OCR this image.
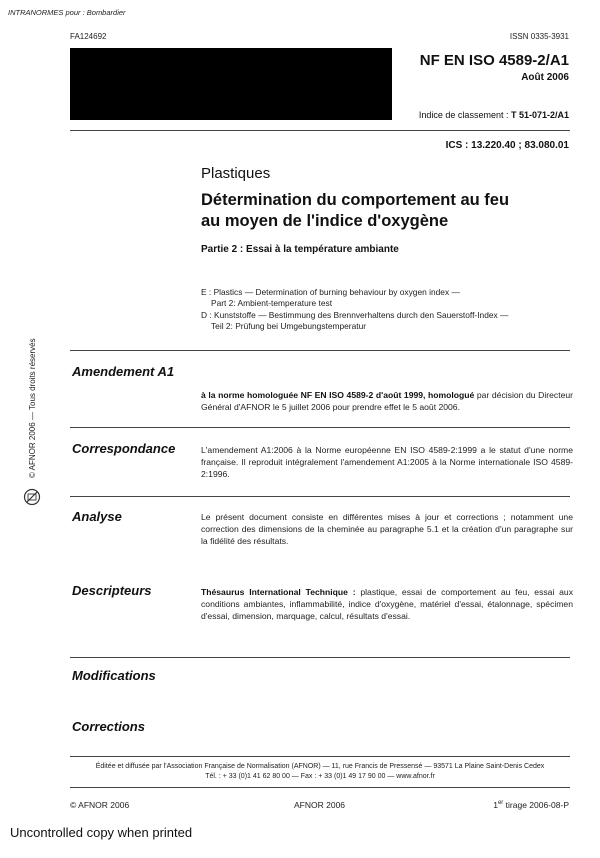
INTRANORMES pour : Bombardier
FA124692	ISSN 0335-3931
NF EN ISO 4589-2/A1
Août 2006
Indice de classement : T 51-071-2/A1
ICS : 13.220.40 ; 83.080.01
Plastiques
Détermination du comportement au feu
au moyen de l'indice d'oxygène
Partie 2 : Essai à la température ambiante
E : Plastics — Determination of burning behaviour by oxygen index —
Part 2: Ambient-temperature test
D : Kunststoffe — Bestimmung des Brennverhaltens durch den Sauerstoff-Index —
Teil 2: Prüfung bei Umgebungstemperatur
Amendement A1
à la norme homologuée NF EN ISO 4589-2 d'août 1999, homologué par décision du Directeur Général d'AFNOR le 5 juillet 2006 pour prendre effet le 5 août 2006.
Correspondance	L'amendement A1:2006 à la Norme européenne EN ISO 4589-2:1999 a le statut d'une norme française. Il reproduit intégralement l'amendement A1:2005 à la Norme internationale ISO 4589-2:1996.
Analyse	Le présent document consiste en différentes mises à jour et corrections ; notamment une correction des dimensions de la cheminée au paragraphe 5.1 et la création d'un paragraphe sur la fidélité des résultats.
Descripteurs	Thésaurus International Technique : plastique, essai de comportement au feu, essai aux conditions ambiantes, inflammabilité, indice d'oxygène, matériel d'essai, étalonnage, spécimen d'essai, dimension, marquage, calcul, résultats d'essai.
Modifications
Corrections
© AFNOR 2006 — Tous droits réservés
Éditée et diffusée par l'Association Française de Normalisation (AFNOR) — 11, rue Francis de Pressensé — 93571 La Plaine Saint-Denis Cedex
Tél. : + 33 (0)1 41 62 80 00 — Fax : + 33 (0)1 49 17 90 00 — www.afnor.fr
© AFNOR 2006	AFNOR 2006	1er tirage 2006-08-P
Uncontrolled copy when printed
